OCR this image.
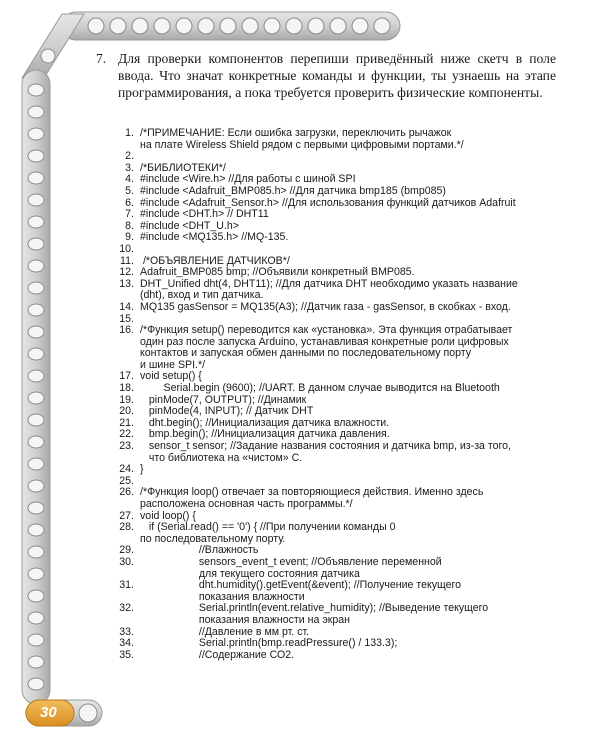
7. Для проверки компонентов перепиши приведённый ниже скетч в поле ввода. Что значат конкретные команды и функции, ты узнаешь на этапе программирования, а пока требуется проверить физические компоненты.
1. /*ПРИМЕЧАНИЕ: Если ошибка загрузки, переключить рычажок
на плате Wireless Shield рядом с первыми цифровыми портами.*/
2.
3. /*БИБЛИОТЕКИ*/
4. #include <Wire.h> //Для работы с шиной SPI
5. #include <Adafruit_BMP085.h> //Для датчика bmp185 (bmp085)
6. #include <Adafruit_Sensor.h> //Для использования функций датчиков Adafruit
7. #include <DHT.h> // DHT11
8. #include <DHT_U.h>
9. #include <MQ135.h> //MQ-135.
10.
11. /*ОБЪЯВЛЕНИЕ ДАТЧИКОВ*/
12. Adafruit_BMP085 bmp; //Объявили конкретный BMP085.
13. DHT_Unified dht(4, DHT11); //Для датчика DHT необходимо указать название
(dht), вход и тип датчика.
14. MQ135 gasSensor = MQ135(A3); //Датчик газа - gasSensor, в скобках - вход.
15.
16. /*Функция setup() переводится как «установка». Эта функция отрабатывает
один раз после запуска Arduino, устанавливая конкретные роли цифровых
контактов и запуская обмен данными по последовательному порту
и шине SPI.*/
17. void setup() {
18. Serial.begin (9600); //UART. В данном случае выводится на Bluetooth
19. pinMode(7, OUTPUT); //Динамик
20. pinMode(4, INPUT); // Датчик DHT
21. dht.begin(); //Инициализация датчика влажности.
22. bmp.begin(); //Инициализация датчика давления.
23. sensor_t sensor; //Задание названия состояния и датчика bmp, из-за того,
что библиотека на «чистом» С.
24. }
25.
26. /*Функция loop() отвечает за повторяющиеся действия. Именно здесь
расположена основная часть программы.*/
27. void loop() {
28. if (Serial.read() == '0') { //При получении команды 0
по последовательному порту.
29. //Влажность
30. sensors_event_t event; //Объявление переменной
для текущего состояния датчика
31. dht.humidity().getEvent(&event); //Получение текущего
показания влажности
32. Serial.println(event.relative_humidity); //Выведение текущего
показания влажности на экран
33. //Давление в мм рт. ст.
34. Serial.println(bmp.readPressure() / 133.3);
35. //Содержание СО2.
30
